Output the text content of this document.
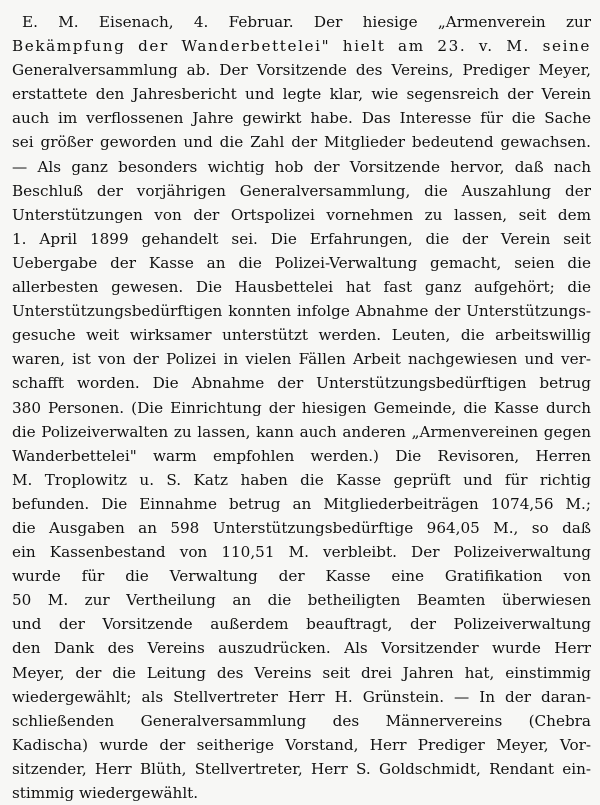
E. M. Eisenach, 4. Februar. Der hiesige „Armenverein zur
Bekämpfung der Wanderbettelei" hielt am 23. v. M. seine
Generalversammlung ab. Der Vorsitzende des Vereins, Prediger Meyer,
erstattete den Jahresbericht und legte klar, wie segensreich der Verein
auch im verflossenen Jahre gewirkt habe. Das Interesse für die Sache
sei größer geworden und die Zahl der Mitglieder bedeutend gewachsen.
— Als ganz besonders wichtig hob der Vorsitzende hervor, daß nach
Beschluß der vorjährigen Generalversammlung, die Auszahlung der
Unterstützungen von der Ortspolizei vornehmen zu lassen, seit dem
1. April 1899 gehandelt sei. Die Erfahrungen, die der Verein seit
Uebergabe der Kasse an die Polizei-Verwaltung gemacht, seien die
allerbesten gewesen. Die Hausbettelei hat fast ganz aufgehört; die
Unterstützungsbedürftigen konnten infolge Abnahme der Unterstützungs-
gesuche weit wirksamer unterstützt werden. Leuten, die arbeitswillig
waren, ist von der Polizei in vielen Fällen Arbeit nachgewiesen und ver-
schafft worden. Die Abnahme der Unterstützungsbedürftigen betrug
380 Personen. (Die Einrichtung der hiesigen Gemeinde, die Kasse durch
die Polizeiverwalten zu lassen, kann auch anderen „Armenvereinen gegen
Wanderbettelei" warm empfohlen werden.) Die Revisoren, Herren
M. Troplowitz u. S. Katz haben die Kasse geprüft und für richtig
befunden. Die Einnahme betrug an Mitgliederbeiträgen 1074,56 M.;
die Ausgaben an 598 Unterstützungsbedürftige 964,05 M., so daß
ein Kassenbestand von 110,51 M. verbleibt. Der Polizeiverwaltung
wurde für die Verwaltung der Kasse eine Gratifikation von
50 M. zur Vertheilung an die betheiligten Beamten überwiesen
und der Vorsitzende außerdem beauftragt, der Polizeiverwaltung
den Dank des Vereins auszudrücken. Als Vorsitzender wurde Herr
Meyer, der die Leitung des Vereins seit drei Jahren hat, einstimmig
wiedergewählt; als Stellvertreter Herr H. Grünstein. — In der daran-
schließenden Generalversammlung des Männervereins (Chebra
Kadischa) wurde der seitherige Vorstand, Herr Prediger Meyer, Vor-
sitzender, Herr Blüth, Stellvertreter, Herr S. Goldschmidt, Rendant ein-
stimmig wiedergewählt.
